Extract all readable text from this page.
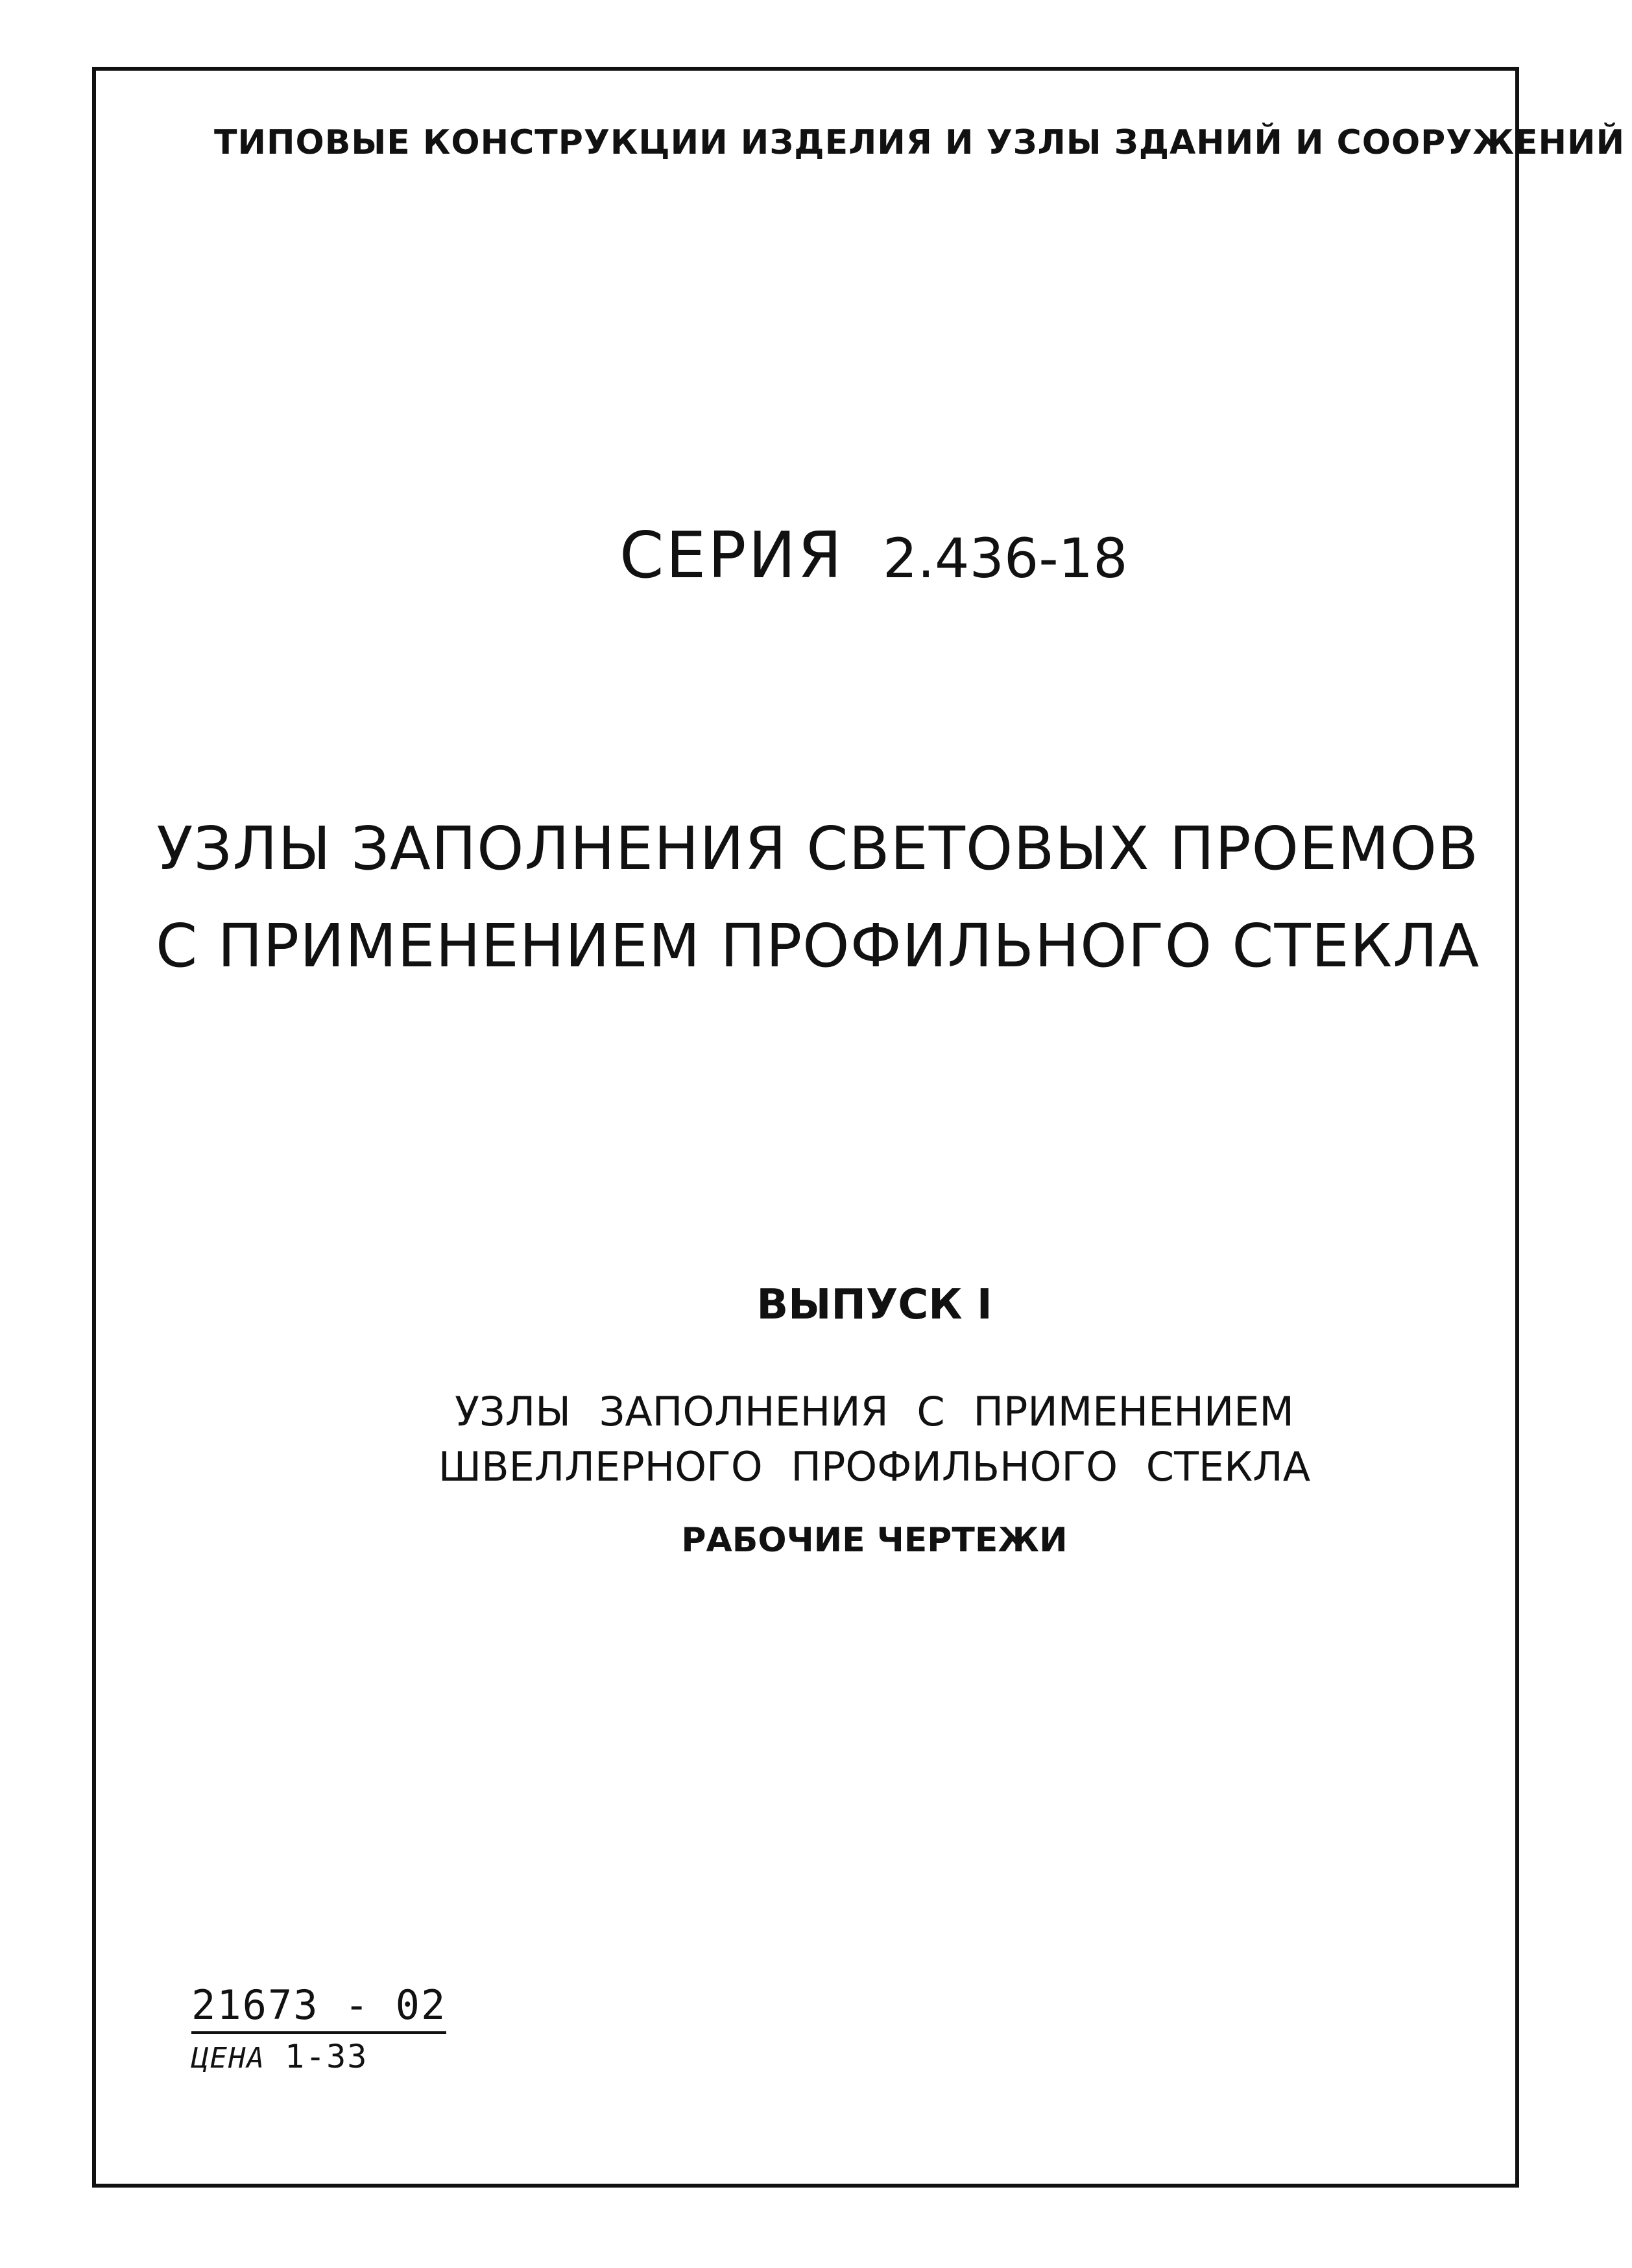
ТИПОВЫЕ КОНСТРУКЦИИ ИЗДЕЛИЯ И УЗЛЫ ЗДАНИЙ И СООРУЖЕНИЙ
СЕРИЯ 2.436-18
УЗЛЫ ЗАПОЛНЕНИЯ СВЕТОВЫХ ПРОЕМОВ
С ПРИМЕНЕНИЕМ ПРОФИЛЬНОГО СТЕКЛА
ВЫПУСК I
УЗЛЫ ЗАПОЛНЕНИЯ С ПРИМЕНЕНИЕМ
ШВЕЛЛЕРНОГО ПРОФИЛЬНОГО СТЕКЛА
РАБОЧИЕ ЧЕРТЕЖИ
21673 - 02
ЦЕНА 1-33
